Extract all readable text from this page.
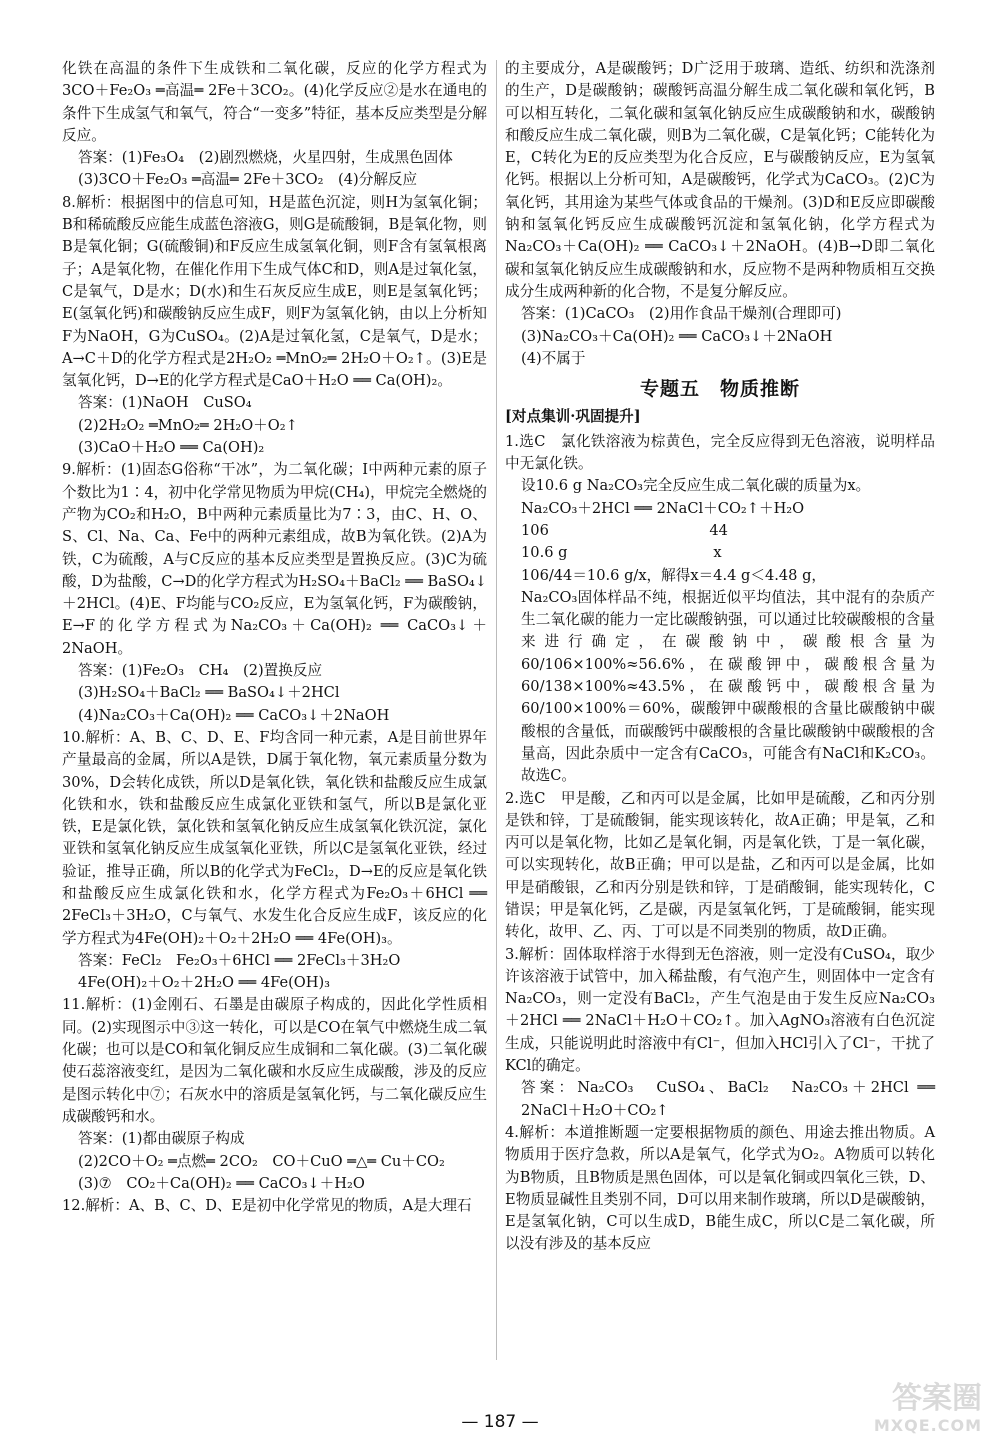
化铁在高温的条件下生成铁和二氧化碳，反应的化学方程式为3CO＋Fe₂O₃ ═高温═ 2Fe＋3CO₂。(4)化学反应②是水在通电的条件下生成氢气和氧气，符合“一变多”特征，基本反应类型是分解反应。

答案：(1)Fe₃O₄　(2)剧烈燃烧，火星四射，生成黑色固体

(3)3CO＋Fe₂O₃ ═高温═ 2Fe＋3CO₂　(4)分解反应

8.解析：根据图中的信息可知，H是蓝色沉淀，则H为氢氧化铜；B和稀硫酸反应能生成蓝色溶液G，则G是硫酸铜，B是氧化物，则B是氧化铜；G(硫酸铜)和F反应生成氢氧化铜，则F含有氢氧根离子；A是氧化物，在催化作用下生成气体C和D，则A是过氧化氢，C是氧气，D是水；D(水)和生石灰反应生成E，则E是氢氧化钙；E(氢氧化钙)和碳酸钠反应生成F，则F为氢氧化钠，由以上分析知F为NaOH，G为CuSO₄。(2)A是过氧化氢，C是氧气，D是水；A→C＋D的化学方程式是2H₂O₂ ═MnO₂═ 2H₂O＋O₂↑。(3)E是氢氧化钙，D→E的化学方程式是CaO＋H₂O ══ Ca(OH)₂。

答案：(1)NaOH　CuSO₄

(2)2H₂O₂ ═MnO₂═ 2H₂O＋O₂↑

(3)CaO＋H₂O ══ Ca(OH)₂

9.解析：(1)固态G俗称“干冰”，为二氧化碳；I中两种元素的原子个数比为1∶4，初中化学常见物质为甲烷(CH₄)，甲烷完全燃烧的产物为CO₂和H₂O，B中两种元素质量比为7∶3，由C、H、O、S、Cl、Na、Ca、Fe中的两种元素组成，故B为氧化铁。(2)A为铁，C为硫酸，A与C反应的基本反应类型是置换反应。(3)C为硫酸，D为盐酸，C→D的化学方程式为H₂SO₄＋BaCl₂ ══ BaSO₄↓＋2HCl。(4)E、F均能与CO₂反应，E为氢氧化钙，F为碳酸钠，E→F的化学方程式为Na₂CO₃＋Ca(OH)₂ ══ CaCO₃↓＋2NaOH。

答案：(1)Fe₂O₃　CH₄　(2)置换反应

(3)H₂SO₄＋BaCl₂ ══ BaSO₄↓＋2HCl

(4)Na₂CO₃＋Ca(OH)₂ ══ CaCO₃↓＋2NaOH

10.解析：A、B、C、D、E、F均含同一种元素，A是目前世界年产量最高的金属，所以A是铁，D属于氧化物，氧元素质量分数为30%，D会转化成铁，所以D是氧化铁，氧化铁和盐酸反应生成氯化铁和水，铁和盐酸反应生成氯化亚铁和氢气，所以B是氯化亚铁，E是氯化铁，氯化铁和氢氧化钠反应生成氢氧化铁沉淀，氯化亚铁和氢氧化钠反应生成氢氧化亚铁，所以C是氢氧化亚铁，经过验证，推导正确，所以B的化学式为FeCl₂，D→E的反应是氧化铁和盐酸反应生成氯化铁和水，化学方程式为Fe₂O₃＋6HCl ══ 2FeCl₃＋3H₂O，C与氧气、水发生化合反应生成F，该反应的化学方程式为4Fe(OH)₂＋O₂＋2H₂O ══ 4Fe(OH)₃。

答案：FeCl₂　Fe₂O₃＋6HCl ══ 2FeCl₃＋3H₂O

4Fe(OH)₂＋O₂＋2H₂O ══ 4Fe(OH)₃

11.解析：(1)金刚石、石墨是由碳原子构成的，因此化学性质相同。(2)实现图示中③这一转化，可以是CO在氧气中燃烧生成二氧化碳；也可以是CO和氧化铜反应生成铜和二氧化碳。(3)二氧化碳使石蕊溶液变红，是因为二氧化碳和水反应生成碳酸，涉及的反应是图示转化中⑦；石灰水中的溶质是氢氧化钙，与二氧化碳反应生成碳酸钙和水。

答案：(1)都由碳原子构成

(2)2CO＋O₂ ═点燃═ 2CO₂　CO＋CuO ═△═ Cu＋CO₂

(3)⑦　CO₂＋Ca(OH)₂ ══ CaCO₃↓＋H₂O

12.解析：A、B、C、D、E是初中化学常见的物质，A是大理石

的主要成分，A是碳酸钙；D广泛用于玻璃、造纸、纺织和洗涤剂的生产，D是碳酸钠；碳酸钙高温分解生成二氧化碳和氧化钙，B可以相互转化，二氧化碳和氢氧化钠反应生成碳酸钠和水，碳酸钠和酸反应生成二氧化碳，则B为二氧化碳，C是氧化钙；C能转化为E，C转化为E的反应类型为化合反应，E与碳酸钠反应，E为氢氧化钙。根据以上分析可知，A是碳酸钙，化学式为CaCO₃。(2)C为氧化钙，其用途为某些气体或食品的干燥剂。(3)D和E反应即碳酸钠和氢氧化钙反应生成碳酸钙沉淀和氢氧化钠，化学方程式为Na₂CO₃＋Ca(OH)₂ ══ CaCO₃↓＋2NaOH。(4)B→D即二氧化碳和氢氧化钠反应生成碳酸钠和水，反应物不是两种物质相互交换成分生成两种新的化合物，不是复分解反应。

答案：(1)CaCO₃　(2)用作食品干燥剂(合理即可)

(3)Na₂CO₃＋Ca(OH)₂ ══ CaCO₃↓＋2NaOH

(4)不属于

专题五　物质推断

[对点集训·巩固提升]

1.选C　氯化铁溶液为棕黄色，完全反应得到无色溶液，说明样品中无氯化铁。

设10.6 g Na₂CO₃完全反应生成二氧化碳的质量为x。

Na₂CO₃＋2HCl ══ 2NaCl＋CO₂↑＋H₂O

106　　　　　　　　　　　44

10.6 g　　　　　　　　　　x

106/44＝10.6 g/x，解得x＝4.4 g＜4.48 g，

Na₂CO₃固体样品不纯，根据近似平均值法，其中混有的杂质产生二氧化碳的能力一定比碳酸钠强，可以通过比较碳酸根的含量来进行确定，在碳酸钠中，碳酸根含量为60/106×100%≈56.6%，在碳酸钾中，碳酸根含量为60/138×100%≈43.5%，在碳酸钙中，碳酸根含量为60/100×100%＝60%，碳酸钾中碳酸根的含量比碳酸钠中碳酸根的含量低，而碳酸钙中碳酸根的含量比碳酸钠中碳酸根的含量高，因此杂质中一定含有CaCO₃，可能含有NaCl和K₂CO₃。故选C。

2.选C　甲是酸，乙和丙可以是金属，比如甲是硫酸，乙和丙分别是铁和锌，丁是硫酸铜，能实现该转化，故A正确；甲是氧，乙和丙可以是氧化物，比如乙是氧化铜，丙是氧化铁，丁是一氧化碳，可以实现转化，故B正确；甲可以是盐，乙和丙可以是金属，比如甲是硝酸银，乙和丙分别是铁和锌，丁是硝酸铜，能实现转化，C错误；甲是氧化钙，乙是碳，丙是氢氧化钙，丁是硫酸铜，能实现转化，故甲、乙、丙、丁可以是不同类别的物质，故D正确。

3.解析：固体取样溶于水得到无色溶液，则一定没有CuSO₄，取少许该溶液于试管中，加入稀盐酸，有气泡产生，则固体中一定含有Na₂CO₃，则一定没有BaCl₂，产生气泡是由于发生反应Na₂CO₃＋2HCl ══ 2NaCl＋H₂O＋CO₂↑。加入AgNO₃溶液有白色沉淀生成，只能说明此时溶液中有Cl⁻，但加入HCl引入了Cl⁻，干扰了KCl的确定。

答案：Na₂CO₃　CuSO₄、BaCl₂　Na₂CO₃＋2HCl ══ 2NaCl＋H₂O＋CO₂↑

4.解析：本道推断题一定要根据物质的颜色、用途去推出物质。A物质用于医疗急救，所以A是氧气，化学式为O₂。A物质可以转化为B物质，且B物质是黑色固体，可以是氧化铜或四氧化三铁，D、E物质显碱性且类别不同，D可以用来制作玻璃，所以D是碳酸钠，E是氢氧化钠，C可以生成D，B能生成C，所以C是二氧化碳，所以没有涉及的基本反应

— 187 —
答案圈
MXQE.COM
